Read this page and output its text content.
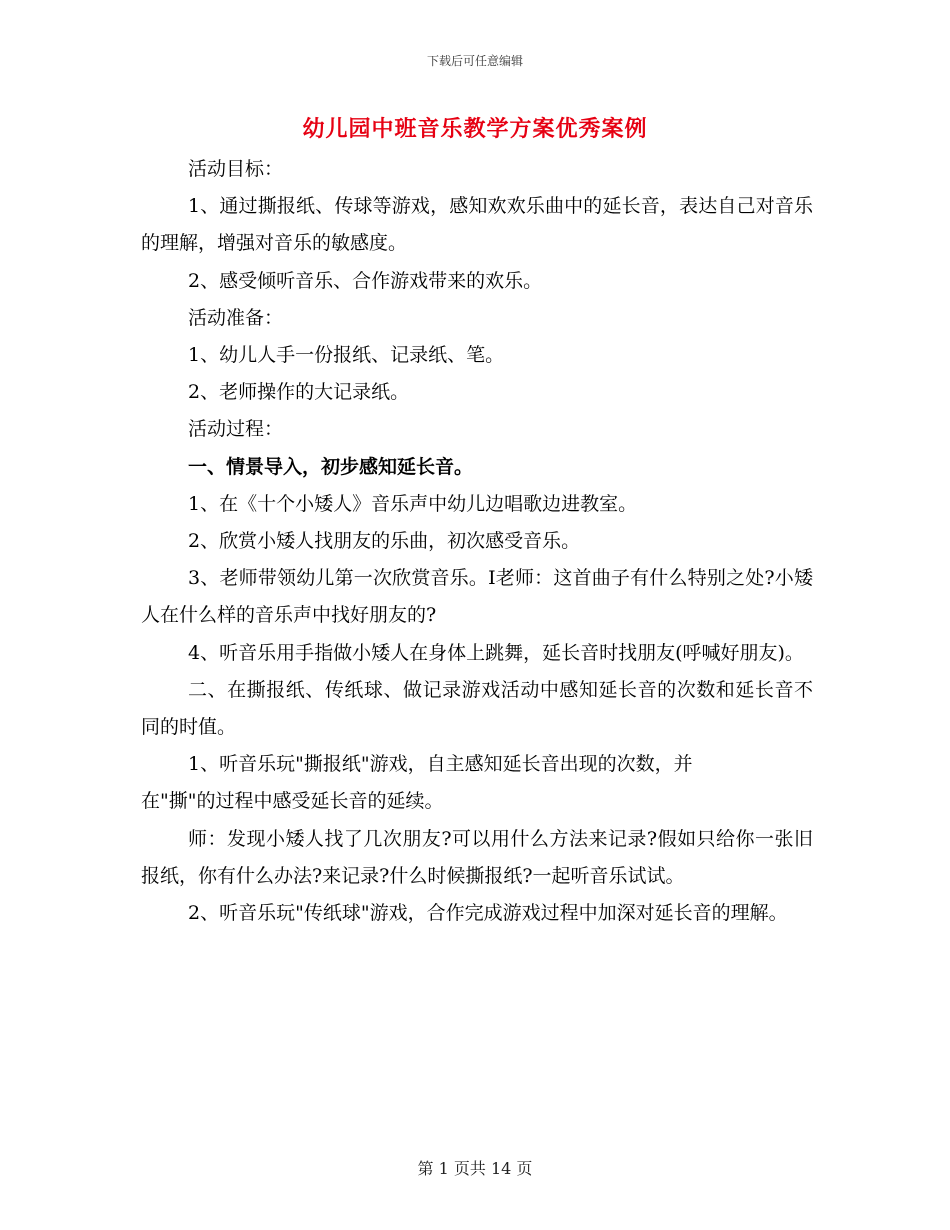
下载后可任意编辑
幼儿园中班音乐教学方案优秀案例

活动目标：

1、通过撕报纸、传球等游戏，感知欢欢乐曲中的延长音，表达自己对音乐的理解，增强对音乐的敏感度。

2、感受倾听音乐、合作游戏带来的欢乐。

活动准备：

1、幼儿人手一份报纸、记录纸、笔。

2、老师操作的大记录纸。

活动过程：

一、情景导入，初步感知延长音。

1、在《十个小矮人》音乐声中幼儿边唱歌边进教室。

2、欣赏小矮人找朋友的乐曲，初次感受音乐。

3、老师带领幼儿第一次欣赏音乐。I老师：这首曲子有什么特别之处?小矮人在什么样的音乐声中找好朋友的?

4、听音乐用手指做小矮人在身体上跳舞，延长音时找朋友(呼喊好朋友)。

二、在撕报纸、传纸球、做记录游戏活动中感知延长音的次数和延长音不同的时值。

1、听音乐玩"撕报纸"游戏，自主感知延长音出现的次数，并
在"撕"的过程中感受延长音的延续。

师：发现小矮人找了几次朋友?可以用什么方法来记录?假如只给你一张旧报纸，你有什么办法?来记录?什么时候撕报纸?一起听音乐试试。

2、听音乐玩"传纸球"游戏，合作完成游戏过程中加深对延长音的理解。

第 1 页共 14 页
